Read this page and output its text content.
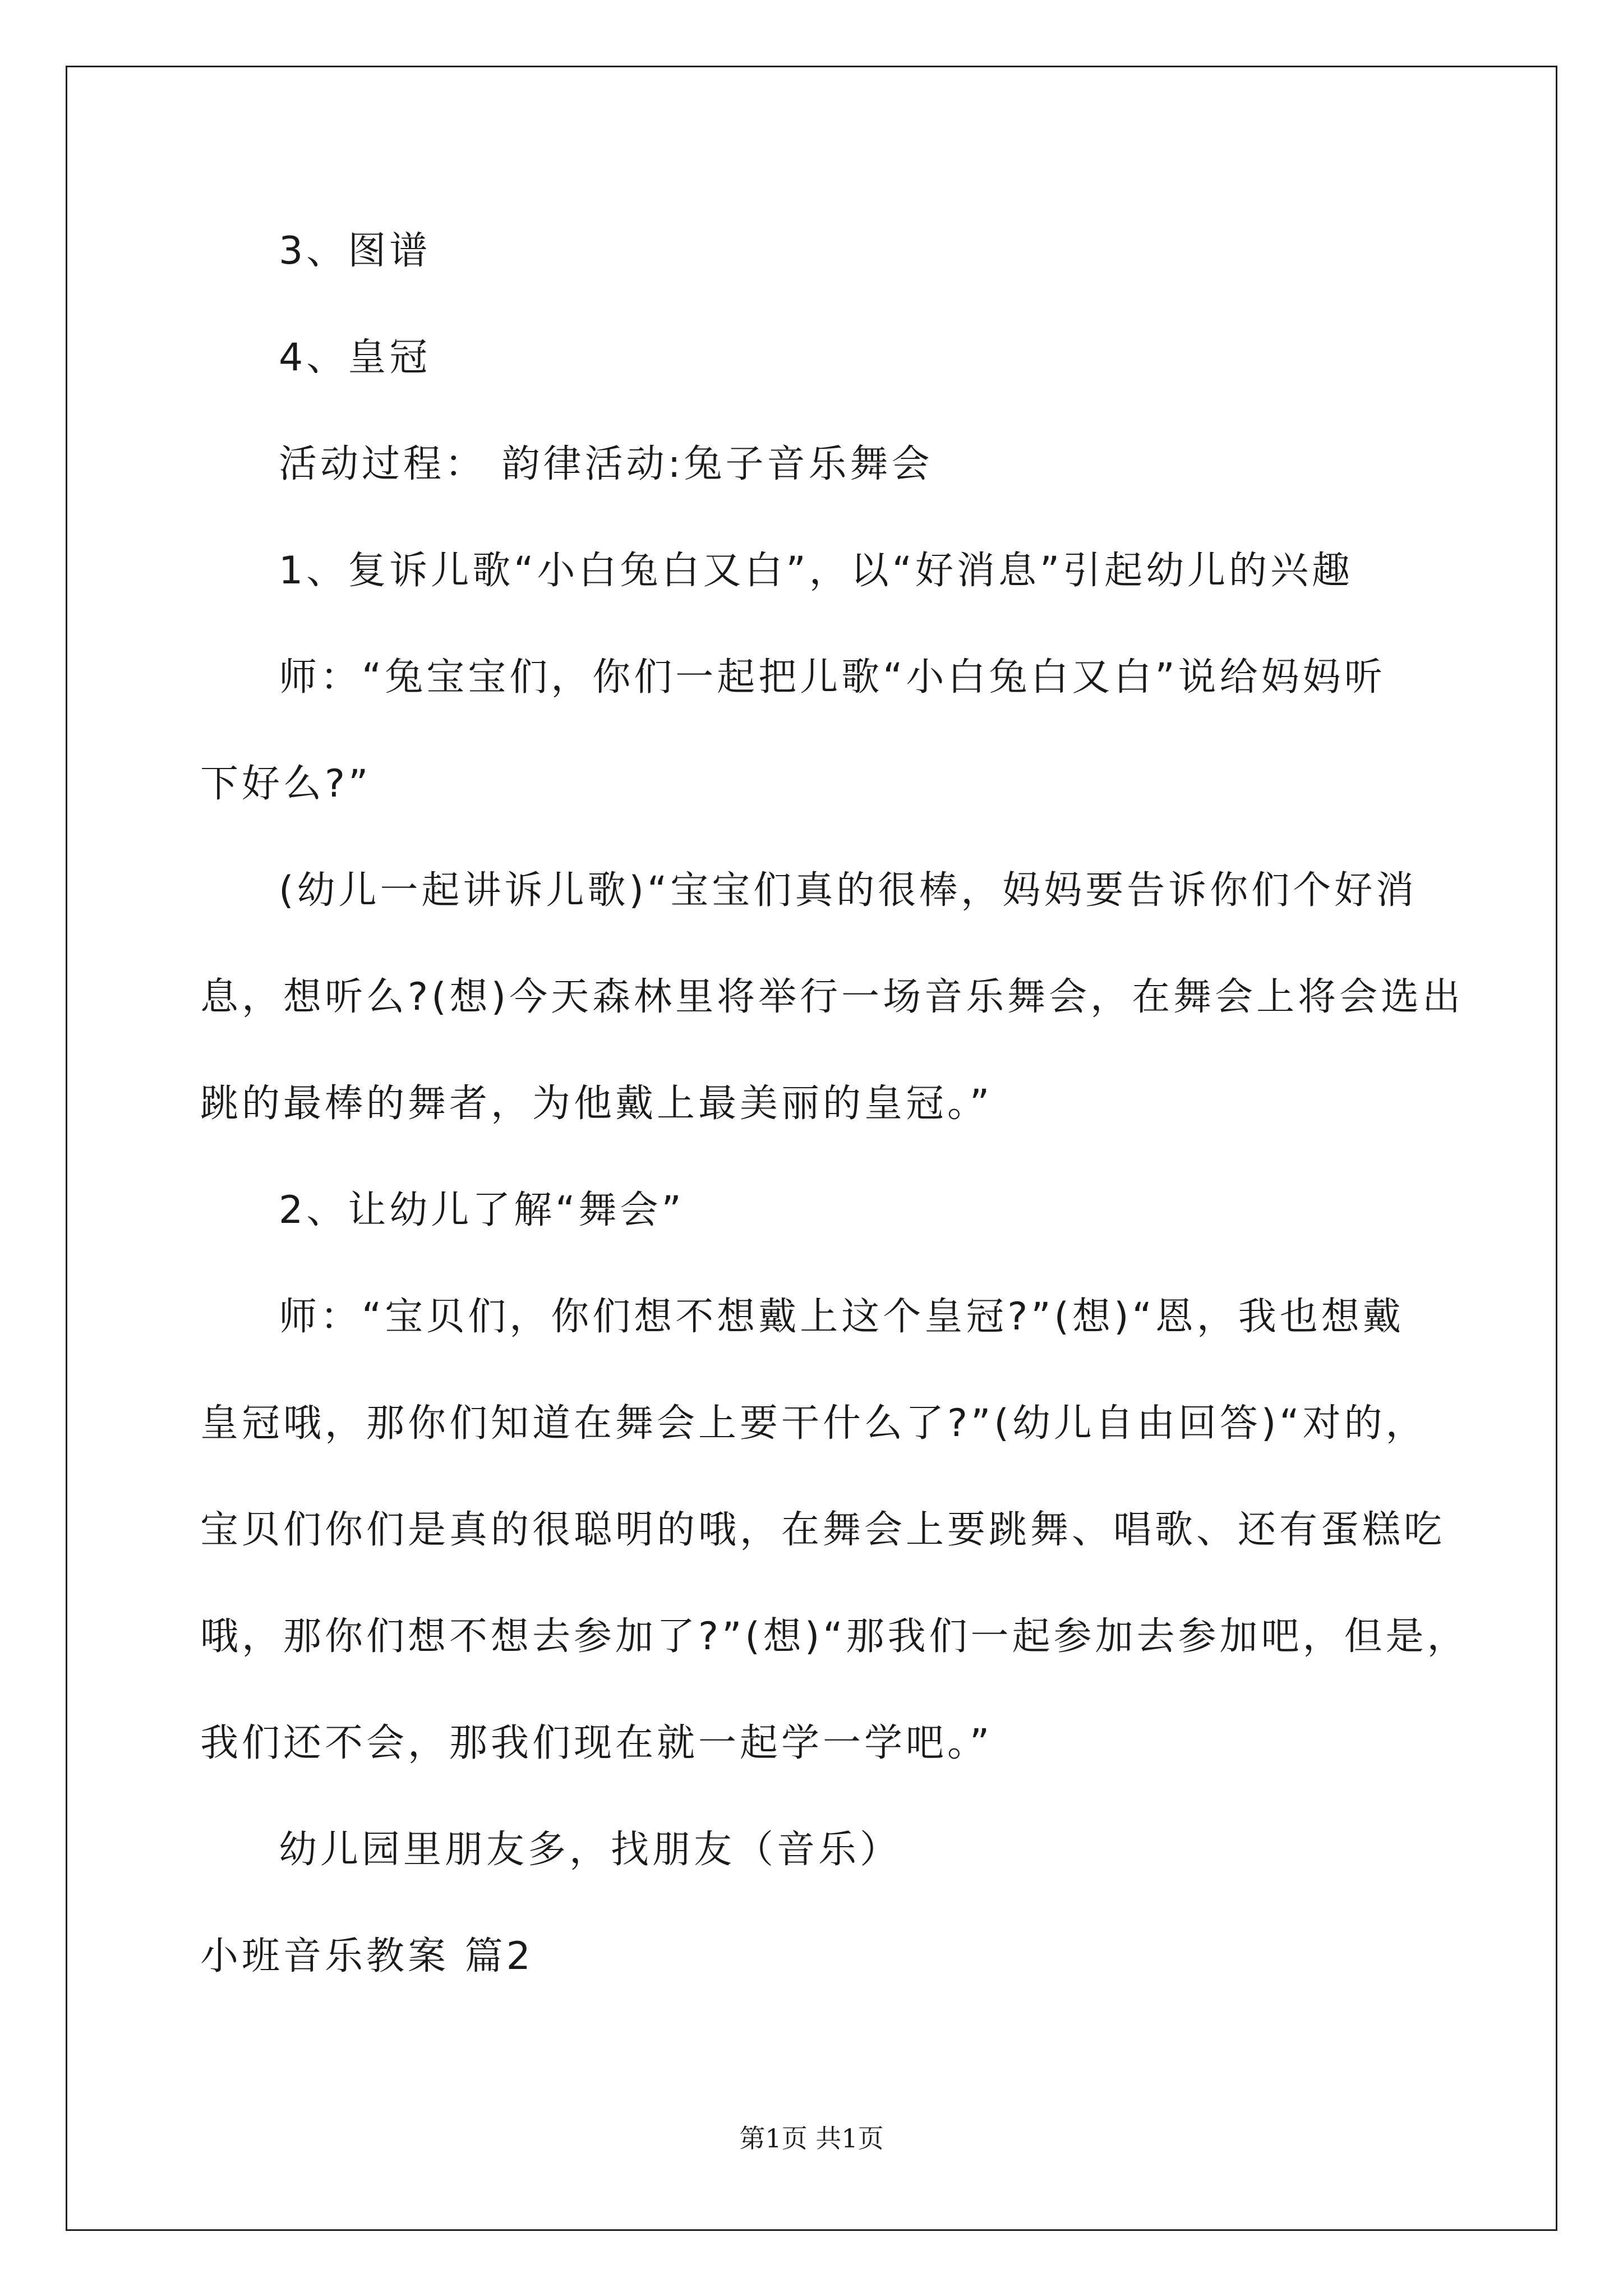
3、图谱

4、皇冠

活动过程： 韵律活动:兔子音乐舞会

1、复诉儿歌“小白兔白又白”，以“好消息”引起幼儿的兴趣

师：“兔宝宝们，你们一起把儿歌“小白兔白又白”说给妈妈听

下好么?”

(幼儿一起讲诉儿歌)“宝宝们真的很棒，妈妈要告诉你们个好消

息，想听么?(想)今天森林里将举行一场音乐舞会，在舞会上将会选出

跳的最棒的舞者，为他戴上最美丽的皇冠。”

2、让幼儿了解“舞会”

师：“宝贝们，你们想不想戴上这个皇冠?”(想)“恩，我也想戴

皇冠哦，那你们知道在舞会上要干什么了?”(幼儿自由回答)“对的，

宝贝们你们是真的很聪明的哦，在舞会上要跳舞、唱歌、还有蛋糕吃

哦，那你们想不想去参加了?”(想)“那我们一起参加去参加吧，但是，

我们还不会，那我们现在就一起学一学吧。”

幼儿园里朋友多，找朋友（音乐）

小班音乐教案 篇2

第1页 共1页
